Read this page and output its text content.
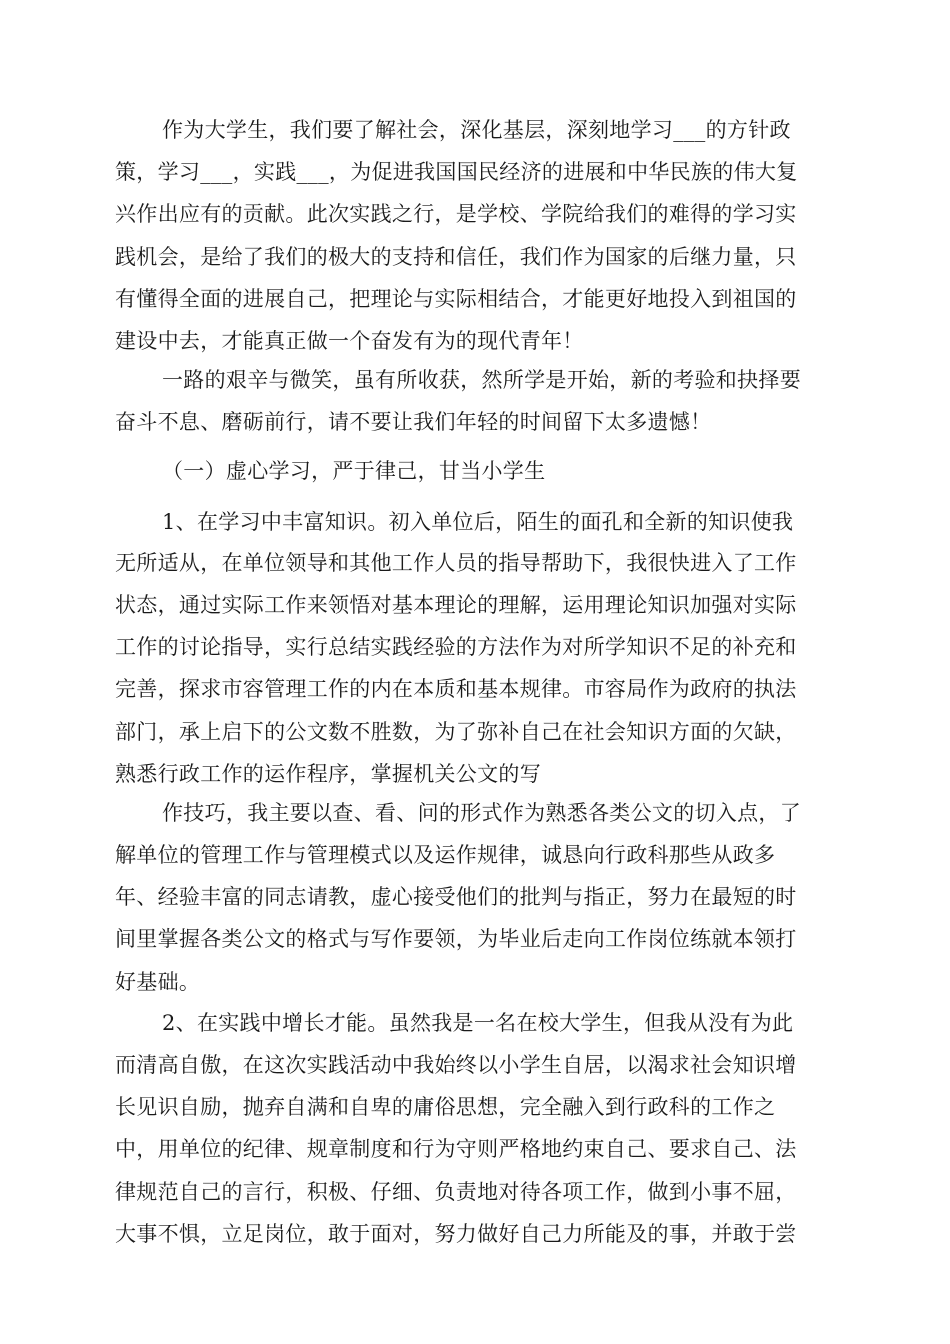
作为大学生，我们要了解社会，深化基层，深刻地学习___的方针政
策，学习___，实践___，为促进我国国民经济的进展和中华民族的伟大复
兴作出应有的贡献。此次实践之行，是学校、学院给我们的难得的学习实
践机会，是给了我们的极大的支持和信任，我们作为国家的后继力量，只
有懂得全面的进展自己，把理论与实际相结合，才能更好地投入到祖国的
建设中去，才能真正做一个奋发有为的现代青年！
一路的艰辛与微笑，虽有所收获，然所学是开始，新的考验和抉择要
奋斗不息、磨砺前行，请不要让我们年轻的时间留下太多遗憾！
（一）虚心学习，严于律己，甘当小学生
1、在学习中丰富知识。初入单位后，陌生的面孔和全新的知识使我
无所适从，在单位领导和其他工作人员的指导帮助下，我很快进入了工作
状态，通过实际工作来领悟对基本理论的理解，运用理论知识加强对实际
工作的讨论指导，实行总结实践经验的方法作为对所学知识不足的补充和
完善，探求市容管理工作的内在本质和基本规律。市容局作为政府的执法
部门，承上启下的公文数不胜数，为了弥补自己在社会知识方面的欠缺，
熟悉行政工作的运作程序，掌握机关公文的写
作技巧，我主要以查、看、问的形式作为熟悉各类公文的切入点，了
解单位的管理工作与管理模式以及运作规律，诚恳向行政科那些从政多
年、经验丰富的同志请教，虚心接受他们的批判与指正，努力在最短的时
间里掌握各类公文的格式与写作要领，为毕业后走向工作岗位练就本领打
好基础。
2、在实践中增长才能。虽然我是一名在校大学生，但我从没有为此
而清高自傲，在这次实践活动中我始终以小学生自居，以渴求社会知识增
长见识自励，抛弃自满和自卑的庸俗思想，完全融入到行政科的工作之
中，用单位的纪律、规章制度和行为守则严格地约束自己、要求自己、法
律规范自己的言行，积极、仔细、负责地对待各项工作，做到小事不屈，
大事不惧，立足岗位，敢于面对，努力做好自己力所能及的事，并敢于尝
